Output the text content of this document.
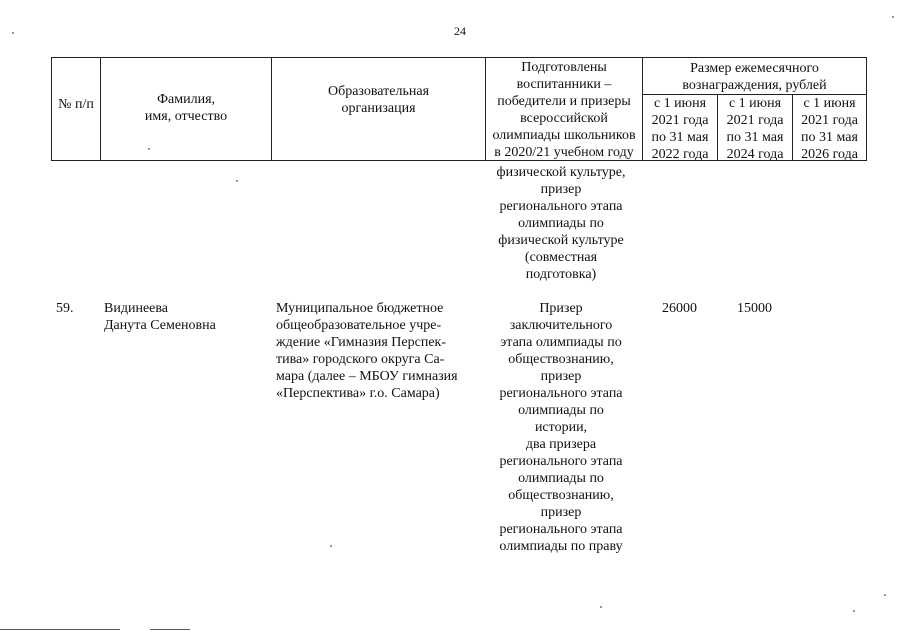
24
№ п/п	Фамилия,
имя, отчество
Образовательная
организация
Подготовлены
воспитанники –
победители и призеры
всероссийской
олимпиады школьников
в 2020/21 учебном году
Размер ежемесячного
вознаграждения, рублей
с 1 июня
2021 года
по 31 мая
2022 года
с 1 июня
2021 года
по 31 мая
2024 года
с 1 июня
2021 года
по 31 мая
2026 года
физической культуре,
призер
регионального этапа
олимпиады по
физической культуре
(совместная
подготовка)
59. Видинеева
Данута Семеновна
Муниципальное бюджетное
общеобразовательное учре-
ждение «Гимназия Перспек-
тива» городского округа Са-
мара (далее – МБОУ гимназия
«Перспектива» г.о. Самара)
Призер
заключительного
этапа олимпиады по
обществознанию,
призер
регионального этапа
олимпиады по
истории,
два призера
регионального этапа
олимпиады по
обществознанию,
призер
регионального этапа
олимпиады по праву
26000	15000
